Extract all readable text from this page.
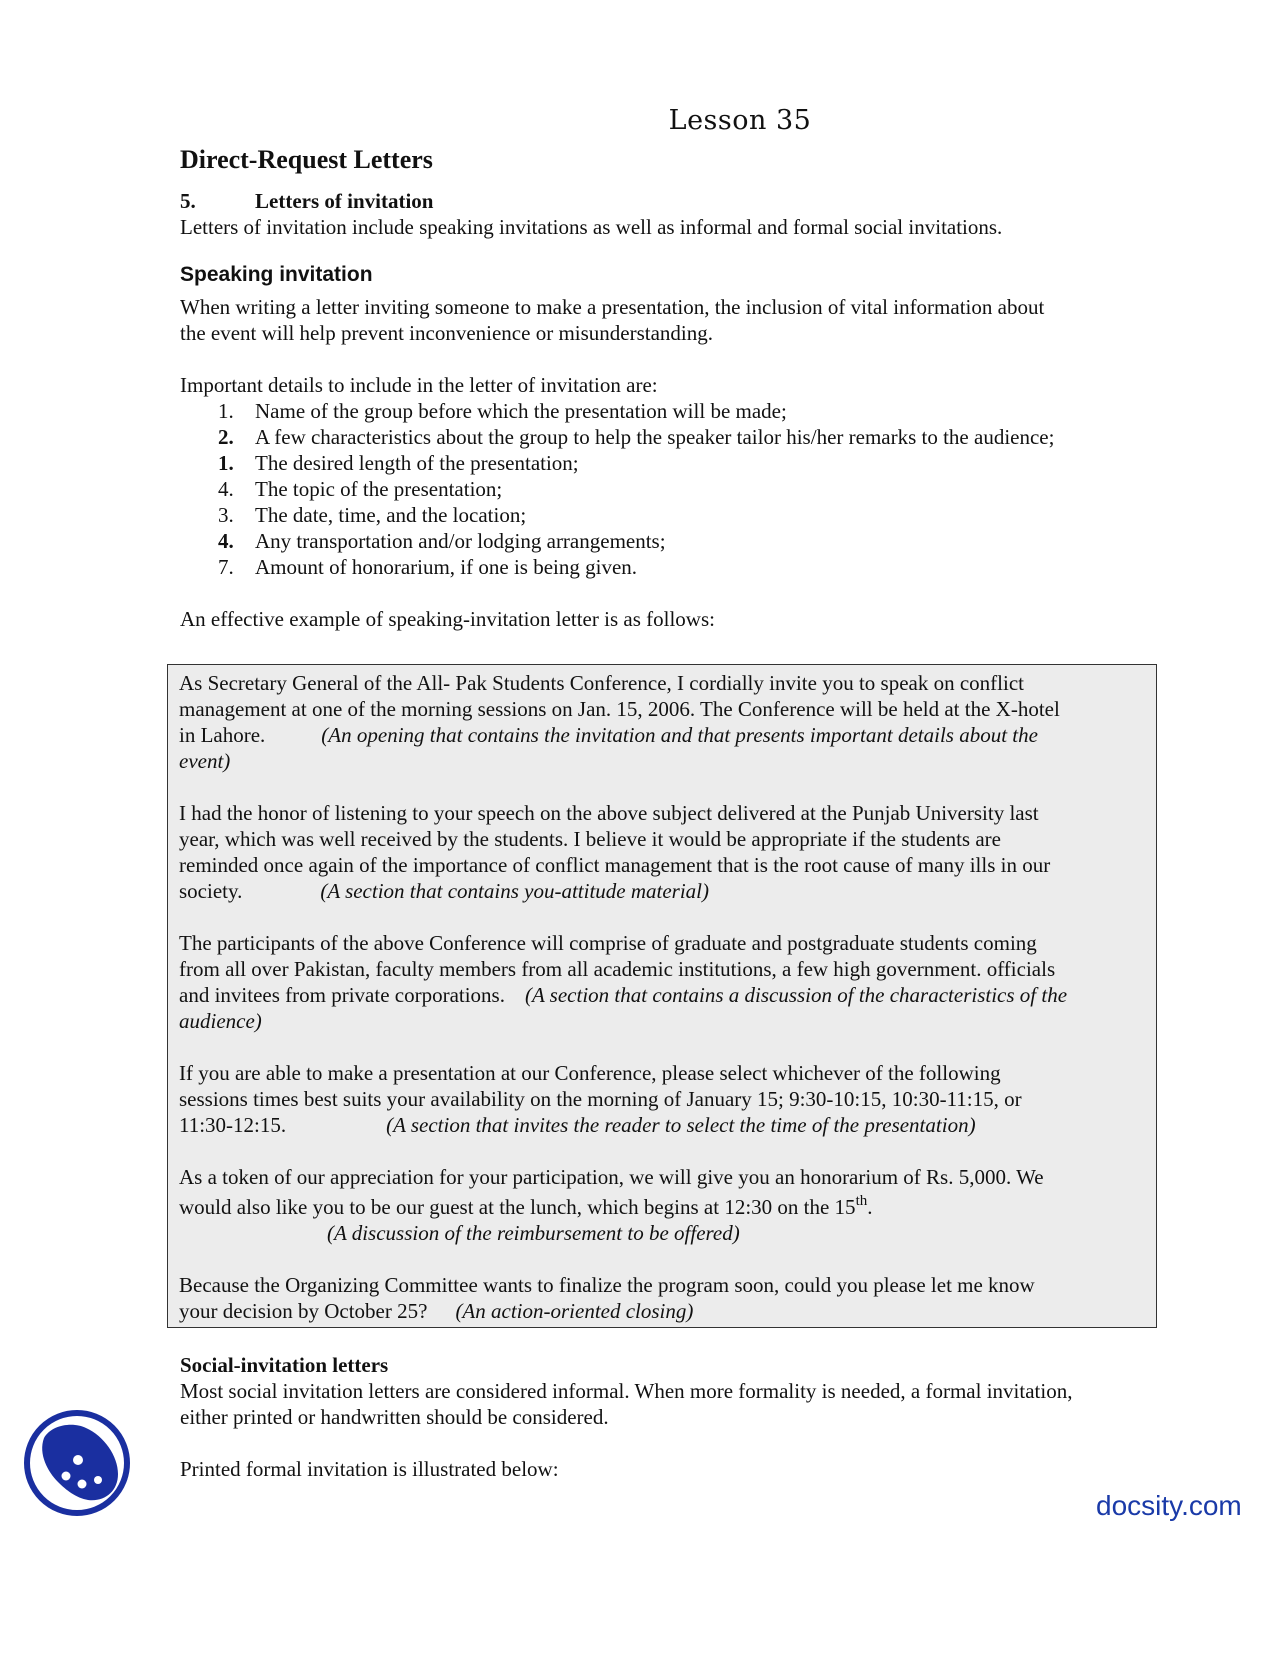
Lesson 35
Direct-Request Letters
5.	Letters of invitation

Letters of invitation include speaking invitations as well as informal and formal social invitations.

Speaking invitation

When writing a letter inviting someone to make a presentation, the inclusion of vital information about

the event will help prevent inconvenience or misunderstanding.

Important details to include in the letter of invitation are:

1.	Name of the group before which the presentation will be made;
2.	A few characteristics about the group to help the speaker tailor his/her remarks to the audience;
1.	The desired length of the presentation;
4.	The topic of the presentation;
3.	The date, time, and the location;
4.	Any transportation and/or lodging arrangements;
7.	Amount of honorarium, if one is being given.

An effective example of speaking-invitation letter is as follows:

As Secretary General of the All- Pak Students Conference, I cordially invite you to speak on conflict

management at one of the morning sessions on Jan. 15, 2006. The Conference will be held at the X-hotel

in Lahore.	(An opening that contains the invitation and that presents important details about the

event)

I had the honor of listening to your speech on the above subject delivered at the Punjab University last

year, which was well received by the students. I believe it would be appropriate if the students are

reminded once again of the importance of conflict management that is the root cause of many ills in our

society.	(A section that contains you-attitude material)

The participants of the above Conference will comprise of graduate and postgraduate students coming

from all over Pakistan, faculty members from all academic institutions, a few high government. officials

and invitees from private corporations. (A section that contains a discussion of the characteristics of the

audience)

If you are able to make a presentation at our Conference, please select whichever of the following

sessions times best suits your availability on the morning of January 15; 9:30-10:15, 10:30-11:15, or

11:30-12:15.	(A section that invites the reader to select the time of the presentation)

As a token of our appreciation for your participation, we will give you an honorarium of Rs. 5,000. We

would also like you to be our guest at the lunch, which begins at 12:30 on the 15th.

(A discussion of the reimbursement to be offered)

Because the Organizing Committee wants to finalize the program soon, could you please let me know

your decision by October 25? (An action-oriented closing)

Social-invitation letters

Most social invitation letters are considered informal. When more formality is needed, a formal invitation,

either printed or handwritten should be considered.

Printed formal invitation is illustrated below:

docsity.com
